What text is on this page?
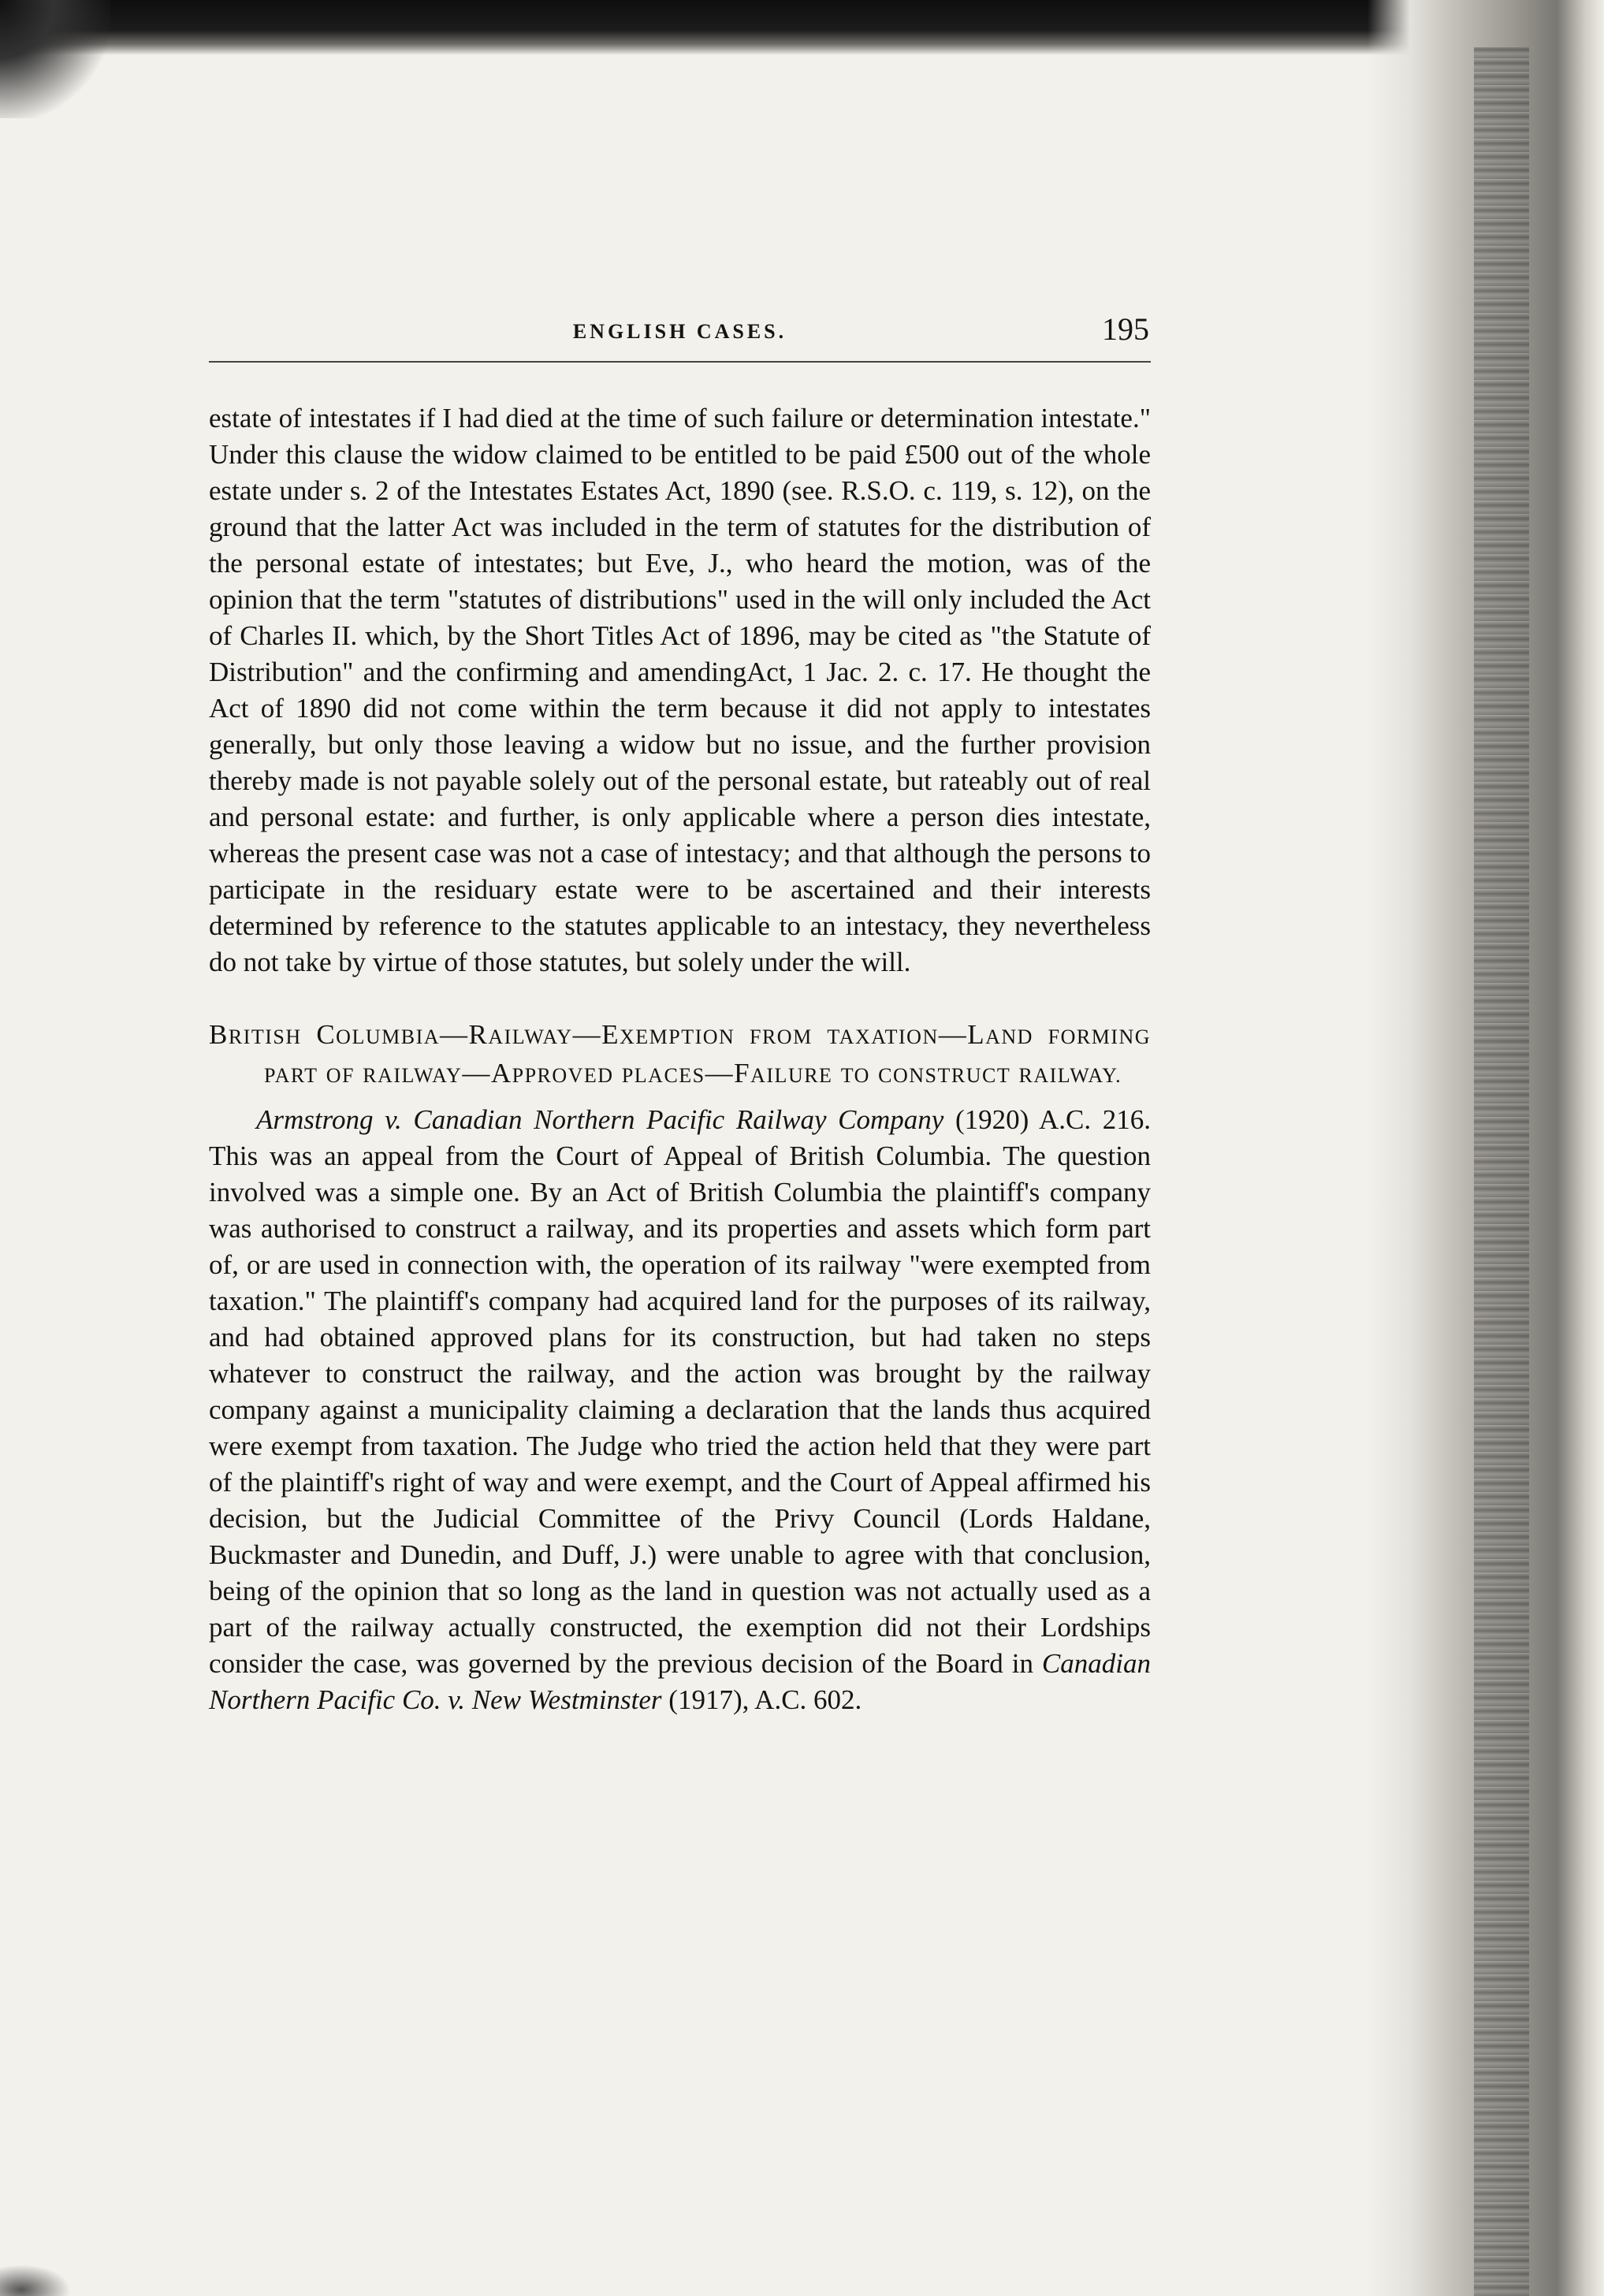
ENGLISH CASES.	195

estate of intestates if I had died at the time of such failure or determination intestate." Under this clause the widow claimed to be entitled to be paid £500 out of the whole estate under s. 2 of the Intestates Estates Act, 1890 (see. R.S.O. c. 119, s. 12), on the ground that the latter Act was included in the term of statutes for the distribution of the personal estate of intestates; but Eve, J., who heard the motion, was of the opinion that the term "statutes of distributions" used in the will only included the Act of Charles II. which, by the Short Titles Act of 1896, may be cited as "the Statute of Distribution" and the confirming and amendingAct, 1 Jac. 2. c. 17. He thought the Act of 1890 did not come within the term because it did not apply to intestates generally, but only those leaving a widow but no issue, and the further provision thereby made is not payable solely out of the personal estate, but rateably out of real and personal estate: and further, is only applicable where a person dies intestate, whereas the present case was not a case of intestacy; and that although the persons to participate in the residuary estate were to be ascertained and their interests determined by reference to the statutes applicable to an intestacy, they nevertheless do not take by virtue of those statutes, but solely under the will.

BRITISH COLUMBIA—RAILWAY—EXEMPTION FROM TAXATION—LAND FORMING PART OF RAILWAY—APPROVED PLACES—FAILURE TO CONSTRUCT RAILWAY.

Armstrong v. Canadian Northern Pacific Railway Company (1920) A.C. 216. This was an appeal from the Court of Appeal of British Columbia. The question involved was a simple one. By an Act of British Columbia the plaintiff's company was authorised to construct a railway, and its properties and assets which form part of, or are used in connection with, the operation of its railway "were exempted from taxation." The plaintiff's company had acquired land for the purposes of its railway, and had obtained approved plans for its construction, but had taken no steps whatever to construct the railway, and the action was brought by the railway company against a municipality claiming a declaration that the lands thus acquired were exempt from taxation. The Judge who tried the action held that they were part of the plaintiff's right of way and were exempt, and the Court of Appeal affirmed his decision, but the Judicial Committee of the Privy Council (Lords Haldane, Buckmaster and Dunedin, and Duff, J.) were unable to agree with that conclusion, being of the opinion that so long as the land in question was not actually used as a part of the railway actually constructed, the exemption did not their Lordships consider the case, was governed by the previous decision of the Board in Canadian Northern Pacific Co. v. New Westminster (1917), A.C. 602.
